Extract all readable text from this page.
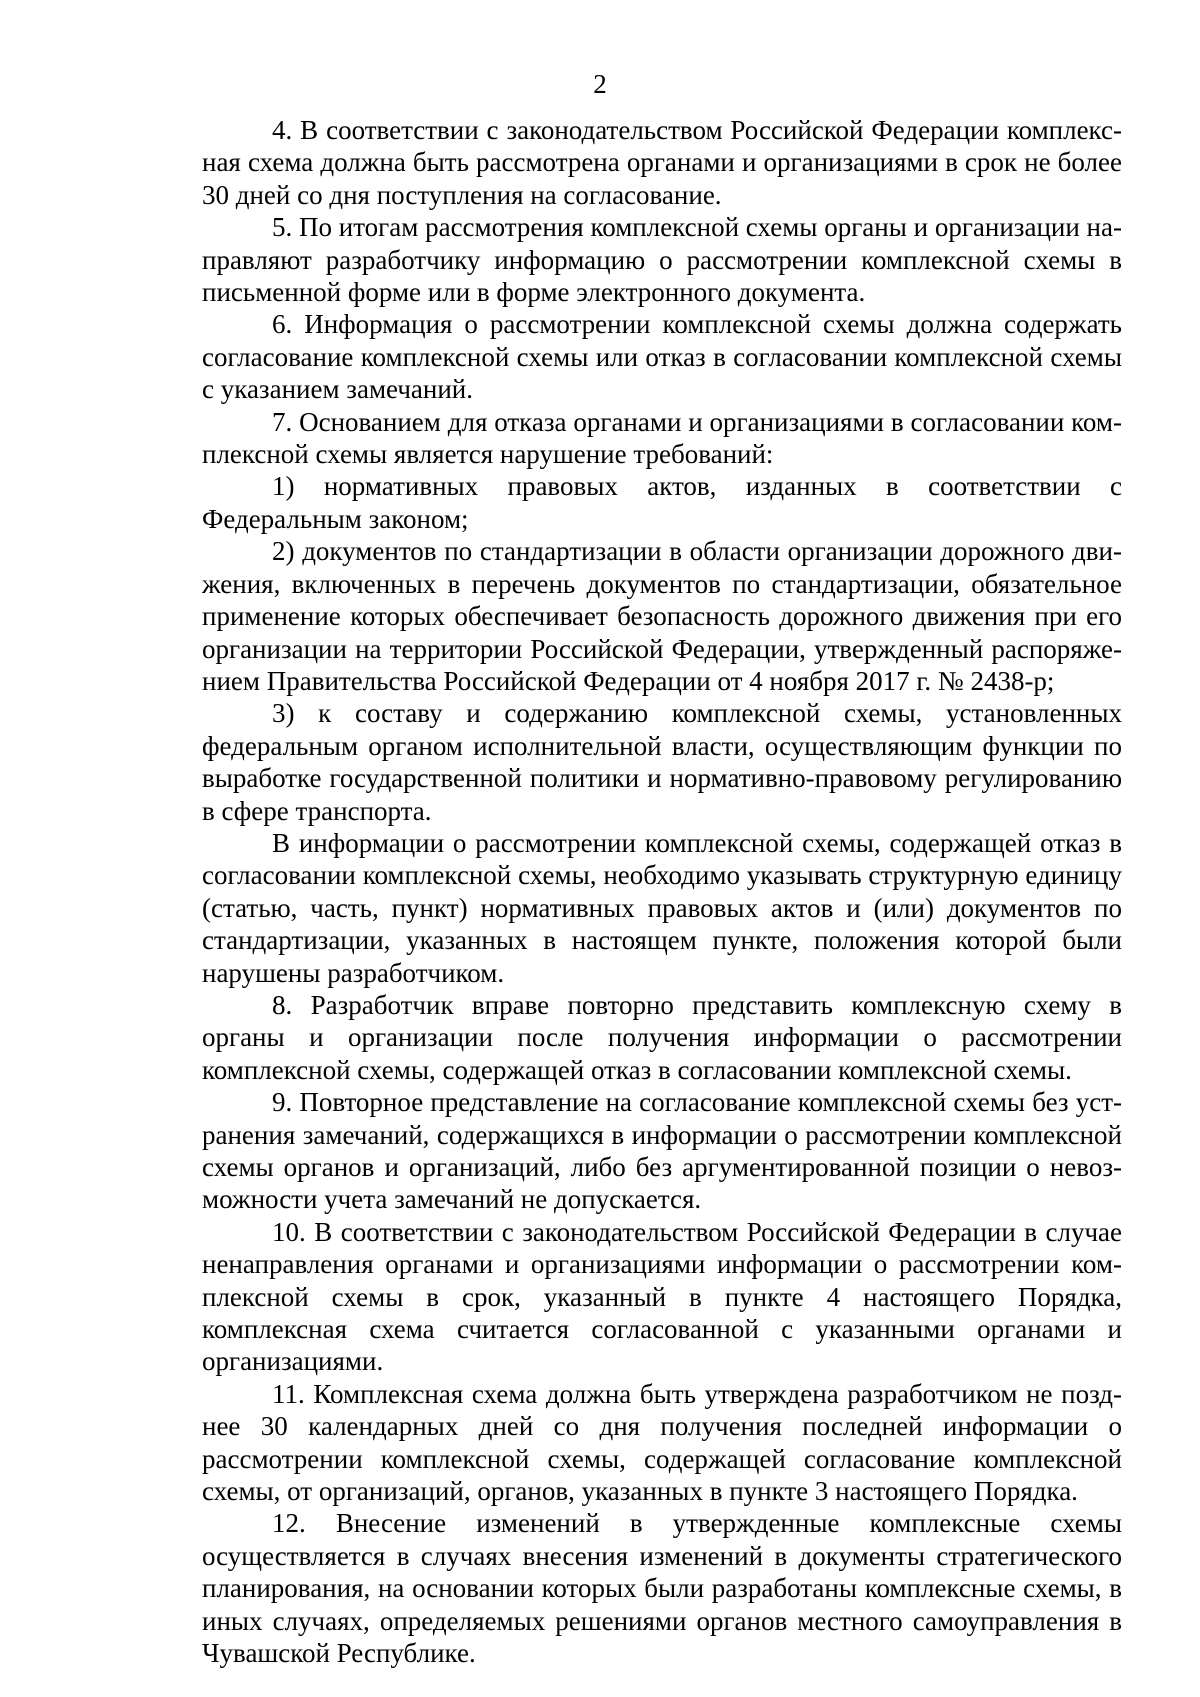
2

4. В соответствии с законодательством Российской Федерации комплексная схема должна быть рассмотрена органами и организациями в срок не более 30 дней со дня поступления на согласование.

5. По итогам рассмотрения комплексной схемы органы и организации направляют разработчику информацию о рассмотрении комплексной схемы в письменной форме или в форме электронного документа.

6. Информация о рассмотрении комплексной схемы должна содержать согласование комплексной схемы или отказ в согласовании комплексной схемы с указанием замечаний.

7. Основанием для отказа органами и организациями в согласовании комплексной схемы является нарушение требований:

1) нормативных правовых актов, изданных в соответствии с Федеральным законом;

2) документов по стандартизации в области организации дорожного движения, включенных в перечень документов по стандартизации, обязательное применение которых обеспечивает безопасность дорожного движения при его организации на территории Российской Федерации, утвержденный распоряжением Правительства Российской Федерации от 4 ноября 2017 г. № 2438-р;

3) к составу и содержанию комплексной схемы, установленных федеральным органом исполнительной власти, осуществляющим функции по выработке государственной политики и нормативно-правовому регулированию в сфере транспорта.

В информации о рассмотрении комплексной схемы, содержащей отказ в согласовании комплексной схемы, необходимо указывать структурную единицу (статью, часть, пункт) нормативных правовых актов и (или) документов по стандартизации, указанных в настоящем пункте, положения которой были нарушены разработчиком.

8. Разработчик вправе повторно представить комплексную схему в органы и организации после получения информации о рассмотрении комплексной схемы, содержащей отказ в согласовании комплексной схемы.

9. Повторное представление на согласование комплексной схемы без устранения замечаний, содержащихся в информации о рассмотрении комплексной схемы органов и организаций, либо без аргументированной позиции о невозможности учета замечаний не допускается.

10. В соответствии с законодательством Российской Федерации в случае ненаправления органами и организациями информации о рассмотрении комплексной схемы в срок, указанный в пункте 4 настоящего Порядка, комплексная схема считается согласованной с указанными органами и организациями.

11. Комплексная схема должна быть утверждена разработчиком не позднее 30 календарных дней со дня получения последней информации о рассмотрении комплексной схемы, содержащей согласование комплексной схемы, от организаций, органов, указанных в пункте 3 настоящего Порядка.

12. Внесение изменений в утвержденные комплексные схемы осуществляется в случаях внесения изменений в документы стратегического планирования, на основании которых были разработаны комплексные схемы, в иных случаях, определяемых решениями органов местного самоуправления в Чувашской Республике.
